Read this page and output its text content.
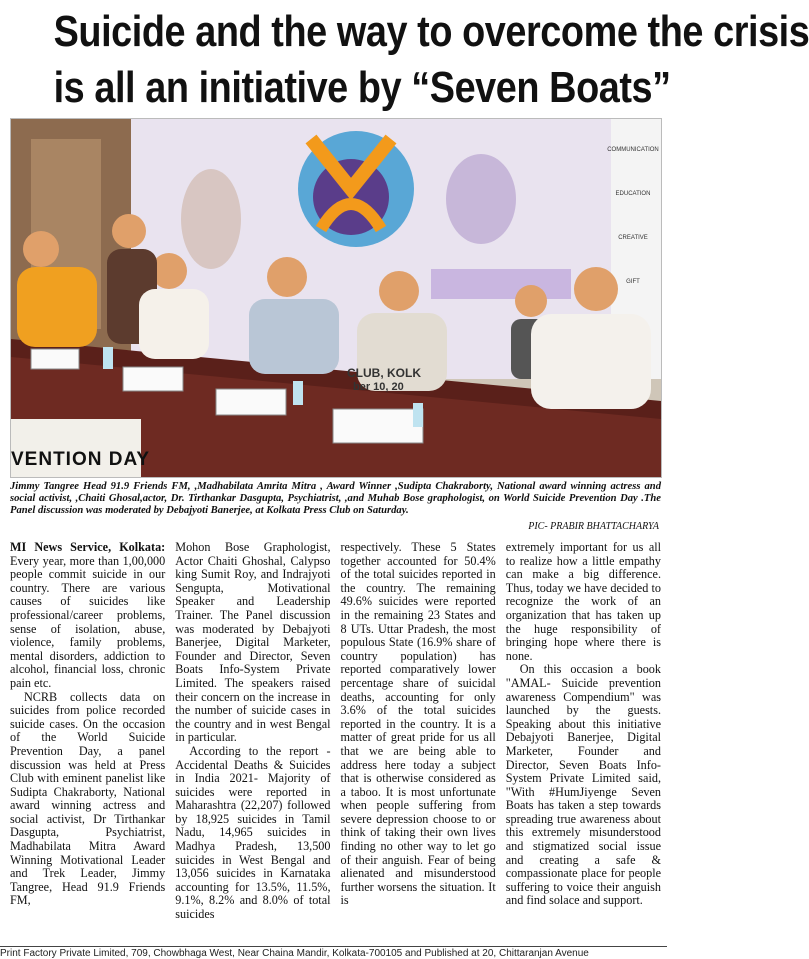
Suicide and the way to overcome the crisis
is all an initiative by “Seven Boats”
COMMUNICATION
EDUCATION
CREATIVE
GIFT
CLUB, KOLK
ber 10, 20
VENTION DAY
Jimmy Tangree Head 91.9 Friends FM, ,Madhabilata Amrita Mitra , Award Winner ,Sudipta Chakraborty, National award winning actress and social activist, ,Chaiti Ghosal,actor, Dr. Tirthankar Dasgupta, Psychiatrist, ,and Muhab Bose graphologist, on World Suicide Prevention Day .The Panel discussion was moderated by Debajyoti Banerjee, at Kolkata Press Club on Saturday.
PIC- PRABIR BHATTACHARYA

MI News Service, Kolkata: Every year, more than 1,00,000 people commit suicide in our country. There are various causes of suicides like professional/career problems, sense of isolation, abuse, violence, family problems, mental disorders, addiction to alcohol, financial loss, chronic pain etc.

NCRB collects data on suicides from police recorded suicide cases. On the occasion of the World Suicide Prevention Day, a panel discussion was held at Press Club with eminent panelist like Sudipta Chakraborty, National award winning actress and social activist, Dr Tirthankar Dasgupta, Psychiatrist, Madhabilata Mitra Award Winning Motivational Leader and Trek Leader, Jimmy Tangree, Head 91.9 Friends FM,

Mohon Bose Graphologist, Actor Chaiti Ghoshal, Calypso king Sumit Roy, and Indrajyoti Sengupta, Motivational Speaker and Leadership Trainer. The Panel discussion was moderated by Debajyoti Banerjee, Digital Marketer, Founder and Director, Seven Boats Info-System Private Limited. The speakers raised their concern on the increase in the number of suicide cases in the country and in west Bengal in particular.

According to the report - Accidental Deaths & Suicides in India 2021- Majority of suicides were reported in Maharashtra (22,207) followed by 18,925 suicides in Tamil Nadu, 14,965 suicides in Madhya Pradesh, 13,500 suicides in West Bengal and 13,056 suicides in Karnataka accounting for 13.5%, 11.5%, 9.1%, 8.2% and 8.0% of total suicides

respectively. These 5 States together accounted for 50.4% of the total suicides reported in the country. The remaining 49.6% suicides were reported in the remaining 23 States and 8 UTs. Uttar Pradesh, the most populous State (16.9% share of country population) has reported comparatively lower percentage share of suicidal deaths, accounting for only 3.6% of the total suicides reported in the country. It is a matter of great pride for us all that we are being able to address here today a subject that is otherwise considered as a taboo. It is most unfortunate when people suffering from severe depression choose to or think of taking their own lives finding no other way to let go of their anguish. Fear of being alienated and misunderstood further worsens the situation. It is

extremely important for us all to realize how a little empathy can make a big difference. Thus, today we have decided to recognize the work of an organization that has taken up the huge responsibility of bringing hope where there is none.

On this occasion a book "AMAL- Suicide prevention awareness Compendium" was launched by the guests. Speaking about this initiative Debajyoti Banerjee, Digital Marketer, Founder and Director, Seven Boats Info-System Private Limited said, "With #HumJiyenge Seven Boats has taken a step towards spreading true awareness about this extremely misunderstood and stigmatized social issue and creating a safe & compassionate place for people suffering to voice their anguish and find solace and support.

Print Factory Private Limited, 709, Chowbhaga West, Near Chaina Mandir, Kolkata-700105 and Published at 20, Chittaranjan Avenue
